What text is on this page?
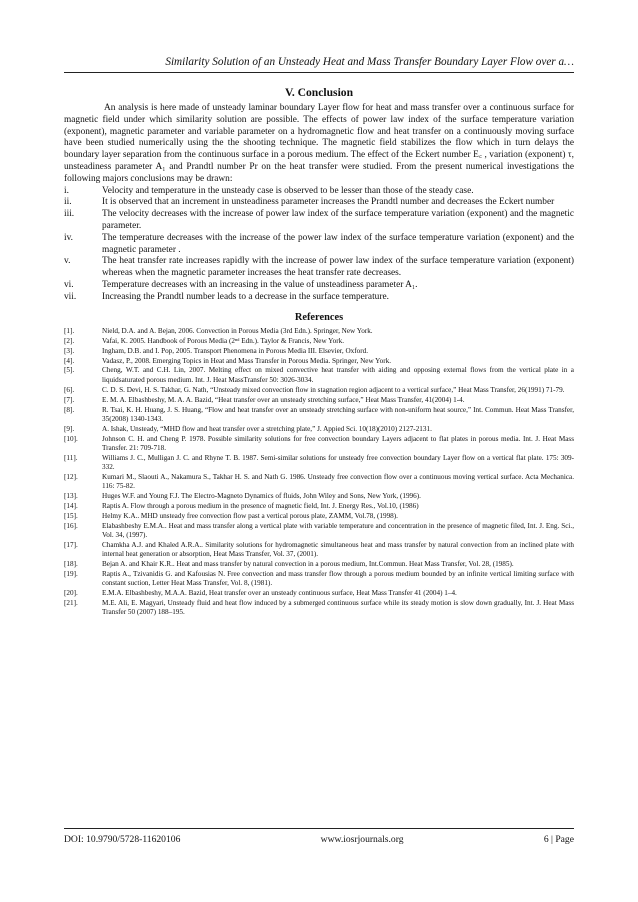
Similarity Solution of an Unsteady Heat and Mass Transfer Boundary Layer Flow over a…
V. Conclusion

An analysis is here made of unsteady laminar boundary Layer flow for heat and mass transfer over a continuous surface for magnetic field under which similarity solution are possible. The effects of power law index of the surface temperature variation (exponent), magnetic parameter and variable parameter on a hydromagnetic flow and heat transfer on a continuously moving surface have been studied numerically using the the shooting technique. The magnetic field stabilizes the flow which in turn delays the boundary layer separation from the continuous surface in a porous medium. The effect of the Eckert number E꜀ , variation (exponent) τ, unsteadiness parameter A₁ and Prandtl number Pr on the heat transfer were studied. From the present numerical investigations the following majors conclusions may be drawn:

i.	Velocity and temperature in the unsteady case is observed to be lesser than those of the steady case.
ii.	It is observed that an increment in unsteadiness parameter increases the Prandtl number and decreases the Eckert number
iii.	The velocity decreases with the increase of power law index of the surface temperature variation (exponent) and the magnetic parameter.
iv.	The temperature decreases with the increase of the power law index of the surface temperature variation (exponent) and the magnetic parameter .
v.	The heat transfer rate increases rapidly with the increase of power law index of the surface temperature variation (exponent) whereas when the magnetic parameter increases the heat transfer rate decreases.
vi.	Temperature decreases with an increasing in the value of unsteadiness parameter A₁.
vii.	Increasing the Prandtl number leads to a decrease in the surface temperature.
References
[1].	Nield, D.A. and A. Bejan, 2006. Convection in Porous Media (3rd Edn.). Springer, New York.
[2].	Vafai, K. 2005. Handbook of Porous Media (2ⁿᵈ Edn.). Taylor & Francis, New York.
[3].	Ingham, D.B. and I. Pop, 2005. Transport Phenomena in Porous Media III. Elsevier, Oxford.
[4].	Vadasz, P., 2008. Emerging Topics in Heat and Mass Transfer in Porous Media. Springer, New York.
[5].	Cheng, W.T. and C.H. Lin, 2007. Melting effect on mixed convective heat transfer with aiding and opposing external flows from the vertical plate in a liquidsaturated porous medium. Int. J. Heat MassTransfer 50: 3026-3034.
[6].	C. D. S. Devi, H. S. Takhar, G. Nath, “Unsteady mixed convection flow in stagnation region adjacent to a vertical surface,” Heat Mass Transfer, 26(1991) 71-79.
[7].	E. M. A. Elbashbeshy, M. A. A. Bazid, “Heat transfer over an unsteady stretching surface,” Heat Mass Transfer, 41(2004) 1-4.
[8].	R. Tsai, K. H. Huang, J. S. Huang, “Flow and heat transfer over an unsteady stretching surface with non-uniform heat source,” Int. Commun. Heat Mass Transfer, 35(2008) 1340-1343.
[9].	A. Ishak, Unsteady, “MHD flow and heat transfer over a stretching plate,” J. Appied Sci. 10(18)(2010) 2127-2131.
[10].	Johnson C. H. and Cheng P. 1978. Possible similarity solutions for free convection boundary Layers adjacent to flat plates in porous media. Int. J. Heat Mass Transfer. 21: 709-718.
[11].	Williams J. C., Mulligan J. C. and Rhyne T. B. 1987. Semi-similar solutions for unsteady free convection boundary Layer flow on a vertical flat plate. 175: 309-332.
[12].	Kumari M., Slaouti A., Nakamura S., Takhar H. S. and Nath G. 1986. Unsteady free convection flow over a continuous moving vertical surface. Acta Mechanica. 116: 75-82.
[13].	Huges W.F. and Young F.J. The Electro-Magneto Dynamics of fluids, John Wiley and Sons, New York, (1996).
[14].	Raptis A. Flow through a porous medium in the presence of magnetic field, Int. J. Energy Res., Vol.10, (1986)
[15].	Helmy K.A.. MHD unsteady free convection flow past a vertical porous plate, ZAMM, Vol.78, (1998).
[16].	Elabashbeshy E.M.A.. Heat and mass transfer along a vertical plate with variable temperature and concentration in the presence of magnetic filed, Int. J. Eng. Sci., Vol. 34, (1997).
[17].	Chamkha A.J. and Khaled A.R.A.. Similarity solutions for hydromagnetic simultaneous heat and mass transfer by natural convection from an inclined plate with internal heat generation or absorption, Heat Mass Transfer, Vol. 37, (2001).
[18].	Bejan A. and Khair K.R.. Heat and mass transfer by natural convection in a porous medium, Int.Commun. Heat Mass Transfer, Vol. 28, (1985).
[19].	Raptis A., Tzivanidis G. and Kafousias N. Free convection and mass transfer flow through a porous medium bounded by an infinite vertical limiting surface with constant suction, Letter Heat Mass Transfer, Vol. 8, (1981).
[20].	E.M.A. Elbashbeshy, M.A.A. Bazid, Heat transfer over an unsteady continuous surface, Heat Mass Transfer 41 (2004) 1–4.
[21].	M.E. Ali, E. Magyari, Unsteady fluid and heat flow induced by a submerged continuous surface while its steady motion is slow down gradually, Int. J. Heat Mass Transfer 50 (2007) 188–195.
DOI: 10.9790/5728-11620106	www.iosrjournals.org	6 | Page
